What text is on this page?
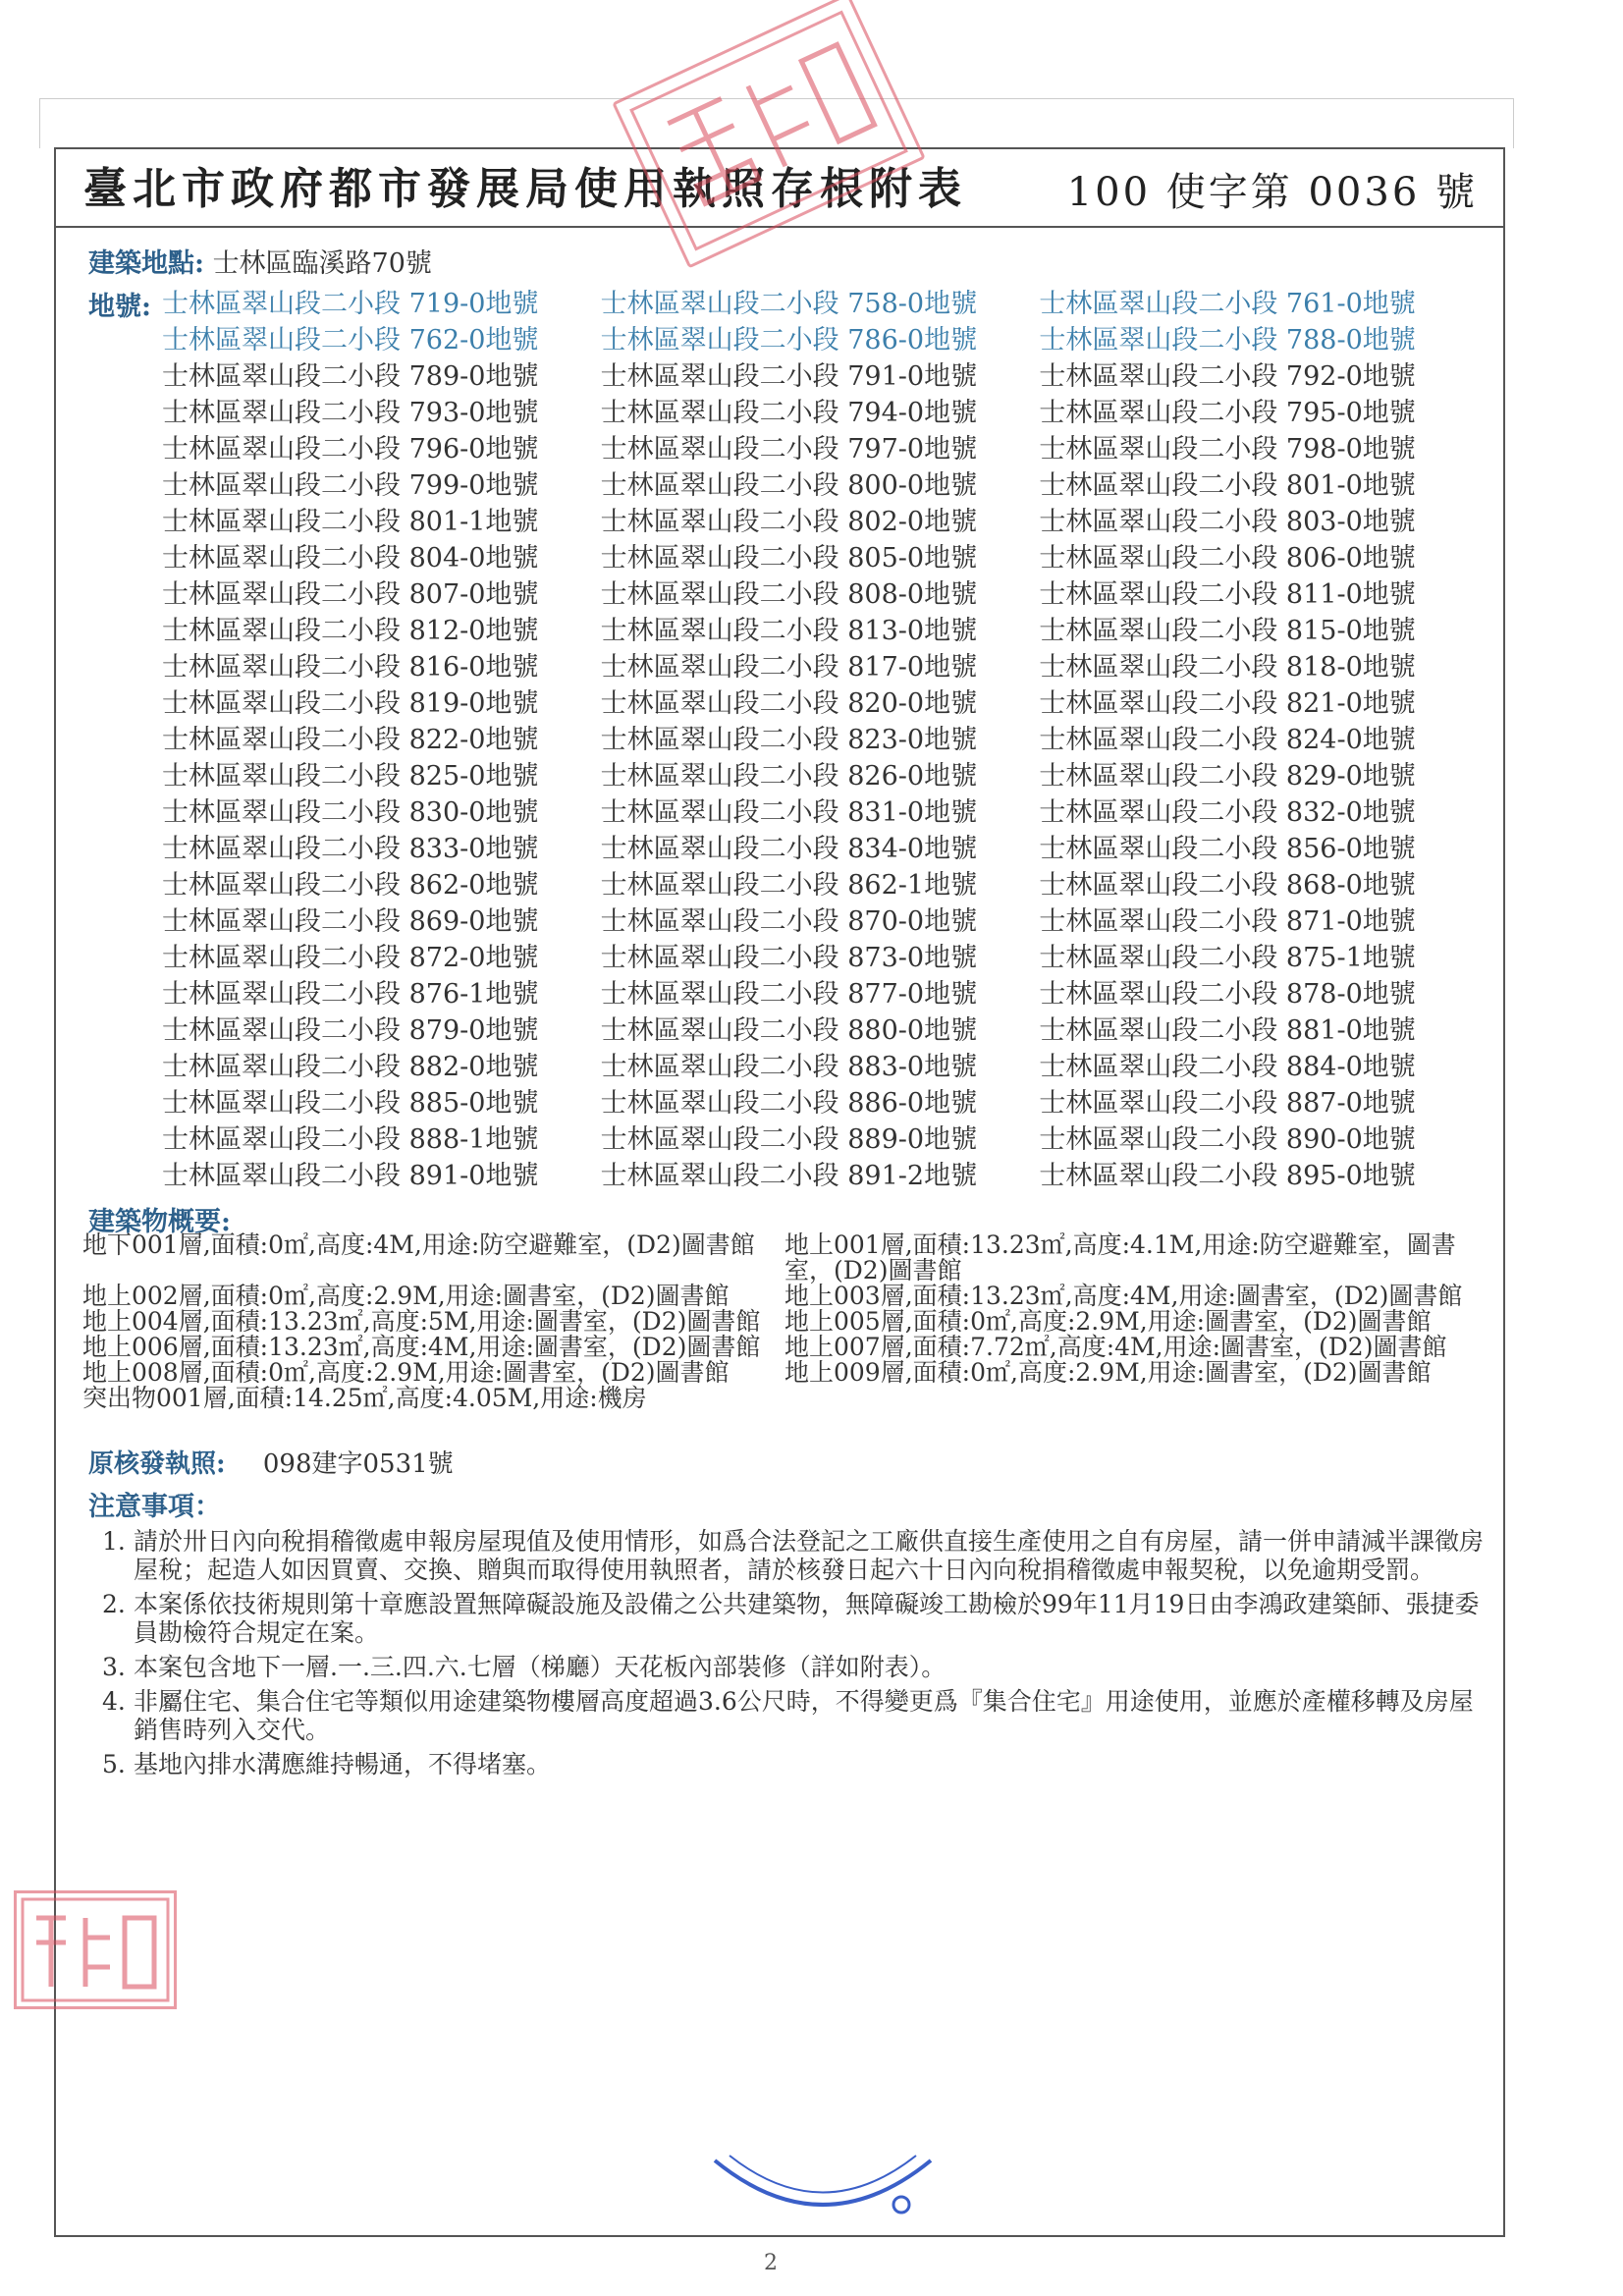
臺北市政府都市發展局使用執照存根附表	100 使字第 0036 號
建築地點: 士林區臨溪路70號
地號: 士林區翠山段二小段 719-0地號	士林區翠山段二小段 758-0地號	士林區翠山段二小段 761-0地號
士林區翠山段二小段 762-0地號	士林區翠山段二小段 786-0地號	士林區翠山段二小段 788-0地號
士林區翠山段二小段 789-0地號	士林區翠山段二小段 791-0地號	士林區翠山段二小段 792-0地號
士林區翠山段二小段 793-0地號	士林區翠山段二小段 794-0地號	士林區翠山段二小段 795-0地號
士林區翠山段二小段 796-0地號	士林區翠山段二小段 797-0地號	士林區翠山段二小段 798-0地號
士林區翠山段二小段 799-0地號	士林區翠山段二小段 800-0地號	士林區翠山段二小段 801-0地號
士林區翠山段二小段 801-1地號	士林區翠山段二小段 802-0地號	士林區翠山段二小段 803-0地號
士林區翠山段二小段 804-0地號	士林區翠山段二小段 805-0地號	士林區翠山段二小段 806-0地號
士林區翠山段二小段 807-0地號	士林區翠山段二小段 808-0地號	士林區翠山段二小段 811-0地號
士林區翠山段二小段 812-0地號	士林區翠山段二小段 813-0地號	士林區翠山段二小段 815-0地號
士林區翠山段二小段 816-0地號	士林區翠山段二小段 817-0地號	士林區翠山段二小段 818-0地號
士林區翠山段二小段 819-0地號	士林區翠山段二小段 820-0地號	士林區翠山段二小段 821-0地號
士林區翠山段二小段 822-0地號	士林區翠山段二小段 823-0地號	士林區翠山段二小段 824-0地號
士林區翠山段二小段 825-0地號	士林區翠山段二小段 826-0地號	士林區翠山段二小段 829-0地號
士林區翠山段二小段 830-0地號	士林區翠山段二小段 831-0地號	士林區翠山段二小段 832-0地號
士林區翠山段二小段 833-0地號	士林區翠山段二小段 834-0地號	士林區翠山段二小段 856-0地號
士林區翠山段二小段 862-0地號	士林區翠山段二小段 862-1地號	士林區翠山段二小段 868-0地號
士林區翠山段二小段 869-0地號	士林區翠山段二小段 870-0地號	士林區翠山段二小段 871-0地號
士林區翠山段二小段 872-0地號	士林區翠山段二小段 873-0地號	士林區翠山段二小段 875-1地號
士林區翠山段二小段 876-1地號	士林區翠山段二小段 877-0地號	士林區翠山段二小段 878-0地號
士林區翠山段二小段 879-0地號	士林區翠山段二小段 880-0地號	士林區翠山段二小段 881-0地號
士林區翠山段二小段 882-0地號	士林區翠山段二小段 883-0地號	士林區翠山段二小段 884-0地號
士林區翠山段二小段 885-0地號	士林區翠山段二小段 886-0地號	士林區翠山段二小段 887-0地號
士林區翠山段二小段 888-1地號	士林區翠山段二小段 889-0地號	士林區翠山段二小段 890-0地號
士林區翠山段二小段 891-0地號	士林區翠山段二小段 891-2地號	士林區翠山段二小段 895-0地號
建築物概要:
地下001層,面積:0㎡,高度:4M,用途:防空避難室，(D2)圖書館	地上001層,面積:13.23㎡,高度:4.1M,用途:防空避難室，圖書室，(D2)圖書館
地上002層,面積:0㎡,高度:2.9M,用途:圖書室，(D2)圖書館	地上003層,面積:13.23㎡,高度:4M,用途:圖書室，(D2)圖書館
地上004層,面積:13.23㎡,高度:5M,用途:圖書室，(D2)圖書館 地上005層,面積:0㎡,高度:2.9M,用途:圖書室，(D2)圖書館
地上006層,面積:13.23㎡,高度:4M,用途:圖書室，(D2)圖書館 地上007層,面積:7.72㎡,高度:4M,用途:圖書室，(D2)圖書館
地上008層,面積:0㎡,高度:2.9M,用途:圖書室，(D2)圖書館	地上009層,面積:0㎡,高度:2.9M,用途:圖書室，(D2)圖書館
突出物001層,面積:14.25㎡,高度:4.05M,用途:機房
原核發執照: 098建字0531號
注意事項：
1. 請於卅日內向稅捐稽徵處申報房屋現值及使用情形，如爲合法登記之工廠供直接生產使用之自有房屋，請一併申請減半課徵房屋稅；起造人如因買賣、交換、贈與而取得使用執照者，請於核發日起六十日內向稅捐稽徵處申報契稅，以免逾期受罰。
2. 本案係依技術規則第十章應設置無障礙設施及設備之公共建築物，無障礙竣工勘檢於99年11月19日由李鴻政建築師、張捷委員勘檢符合規定在案。
3. 本案包含地下一層.一.三.四.六.七層（梯廳）天花板內部裝修（詳如附表）。
4. 非屬住宅、集合住宅等類似用途建築物樓層高度超過3.6公尺時，不得變更爲『集合住宅』用途使用，並應於產權移轉及房屋銷售時列入交代。
5. 基地內排水溝應維持暢通，不得堵塞。
2
